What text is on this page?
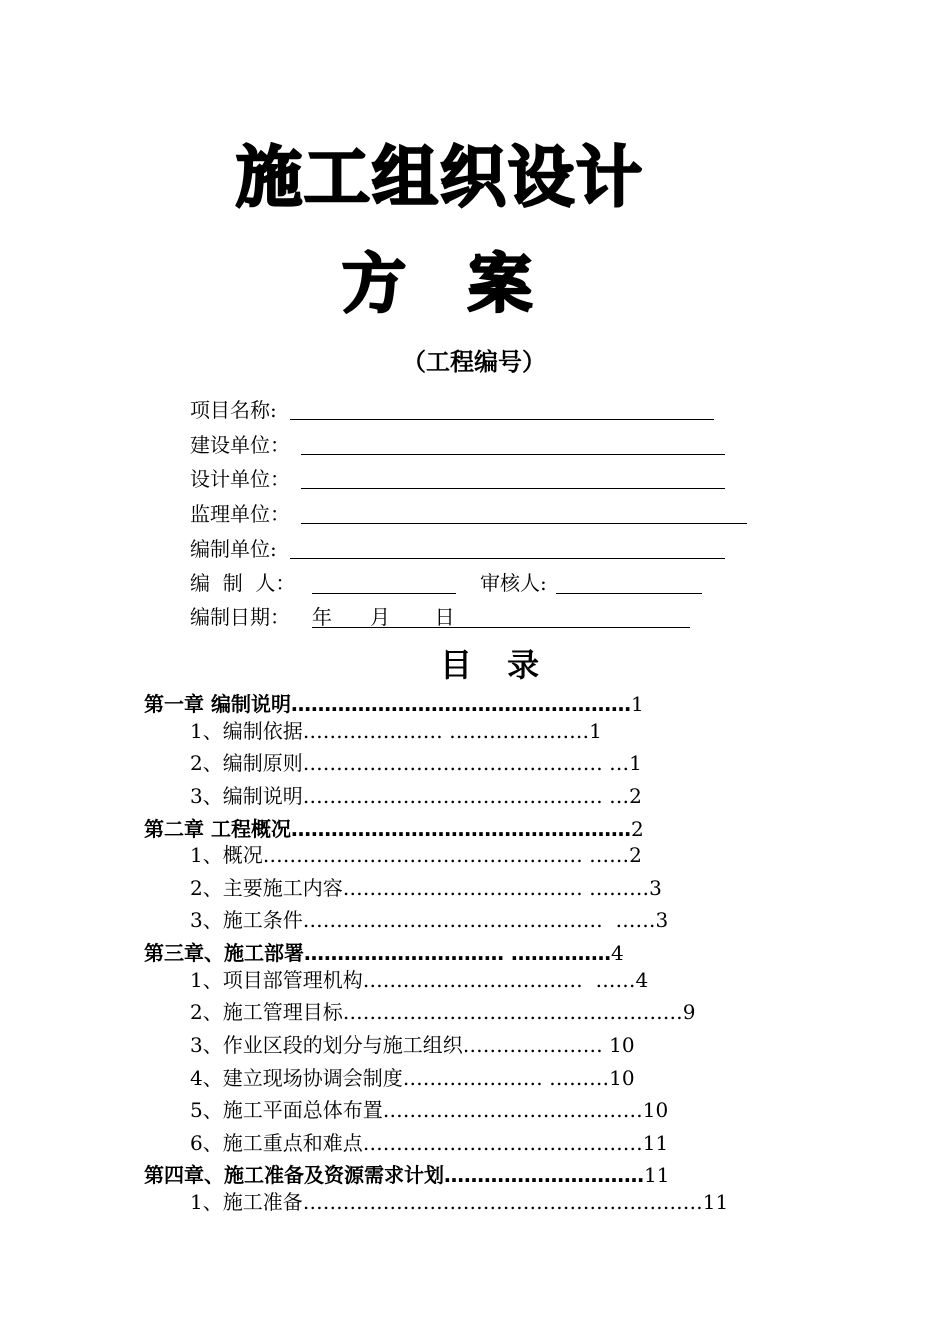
施工组织设计
方 案
（工程编号）
项目名称:
建设单位：
设计单位：
监理单位：
编制单位:
编  制  人：	审核人:
编制日期： 年      月       日
目 录
第一章 编制说明……………………………………………1
1、编制依据………………… …………………1
2、编制原则……………………………………… …1
3、编制说明……………………………………… …2
第二章 工程概况……………………………………………2
1、概况………………………………………… ……2
2、主要施工内容……………………………… ………3
3、施工条件………………………………………  ……3
第三章、施工部署………………………… ……………4
1、项目部管理机构……………………………  ……4
2、施工管理目标……………………………………………9
3、作业区段的划分与施工组织………………… 10
4、建立现场协调会制度………………… ………10
5、施工平面总体布置…………………………………10
6、施工重点和难点……………………………………11
第四章、施工准备及资源需求计划…………………………11
1、施工准备……………………………………………………11
